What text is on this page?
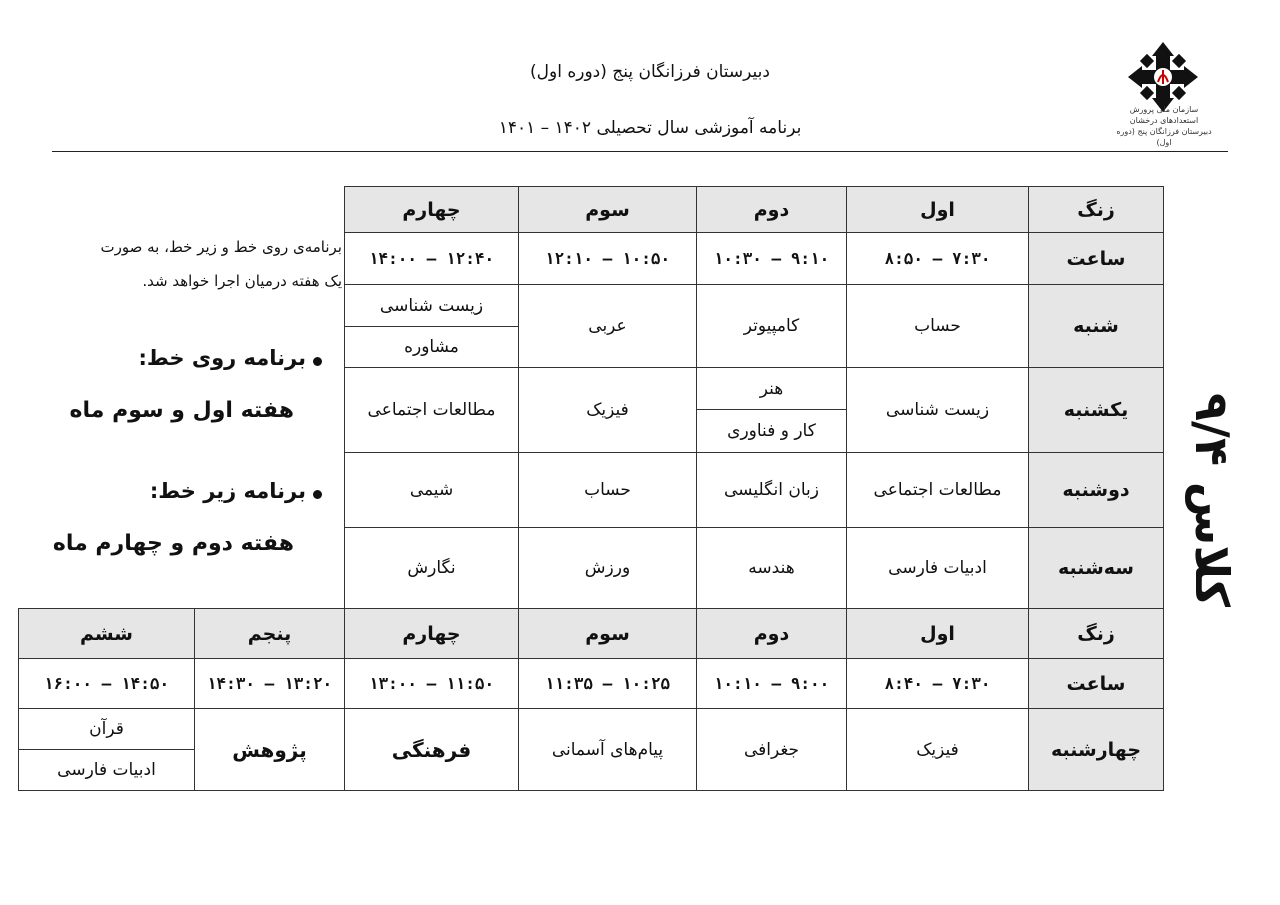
دبیرستان فرزانگان پنج (دوره اول)
برنامه آموزشی سال تحصیلی ۱۴۰۲ – ۱۴۰۱
سازمان ملی پرورش استعدادهای درخشان
دبیرستان فرزانگان پنج (دوره اول)
زنگ	اول	دوم	سوم	چهارم
ساعت	۷:۳۰ – ۸:۵۰	۹:۱۰ – ۱۰:۳۰	۱۰:۵۰ – ۱۲:۱۰	۱۲:۴۰ – ۱۴:۰۰
شنبه	حساب	کامپیوتر	عربی	زیست شناسی
				مشاوره
یکشنبه	زیست شناسی	هنر	فیزیک	مطالعات اجتماعی
		کار و فناوری		
دوشنبه	مطالعات اجتماعی	زبان انگلیسی	حساب	شیمی
سه‌شنبه	ادبیات فارسی	هندسه	ورزش	نگارش
زنگ	اول	دوم	سوم	چهارم	پنجم	ششم
ساعت	۷:۳۰ – ۸:۴۰	۹:۰۰ – ۱۰:۱۰	۱۰:۲۵ – ۱۱:۳۵	۱۱:۵۰ – ۱۳:۰۰	۱۳:۲۰ – ۱۴:۳۰	۱۴:۵۰ – ۱۶:۰۰
چهارشنبه	فیزیک	جغرافی	پیام‌های آسمانی	فرهنگی	پژوهش	قرآن
						ادبیات فارسی
برنامه‌ی روی خط و زیر خط، به صورت
یک هفته درمیان اجرا خواهد شد.
برنامه روی خط:
هفته اول و سوم ماه
برنامه زیر خط:
هفته دوم و چهارم ماه
کلاس ۹/۴
